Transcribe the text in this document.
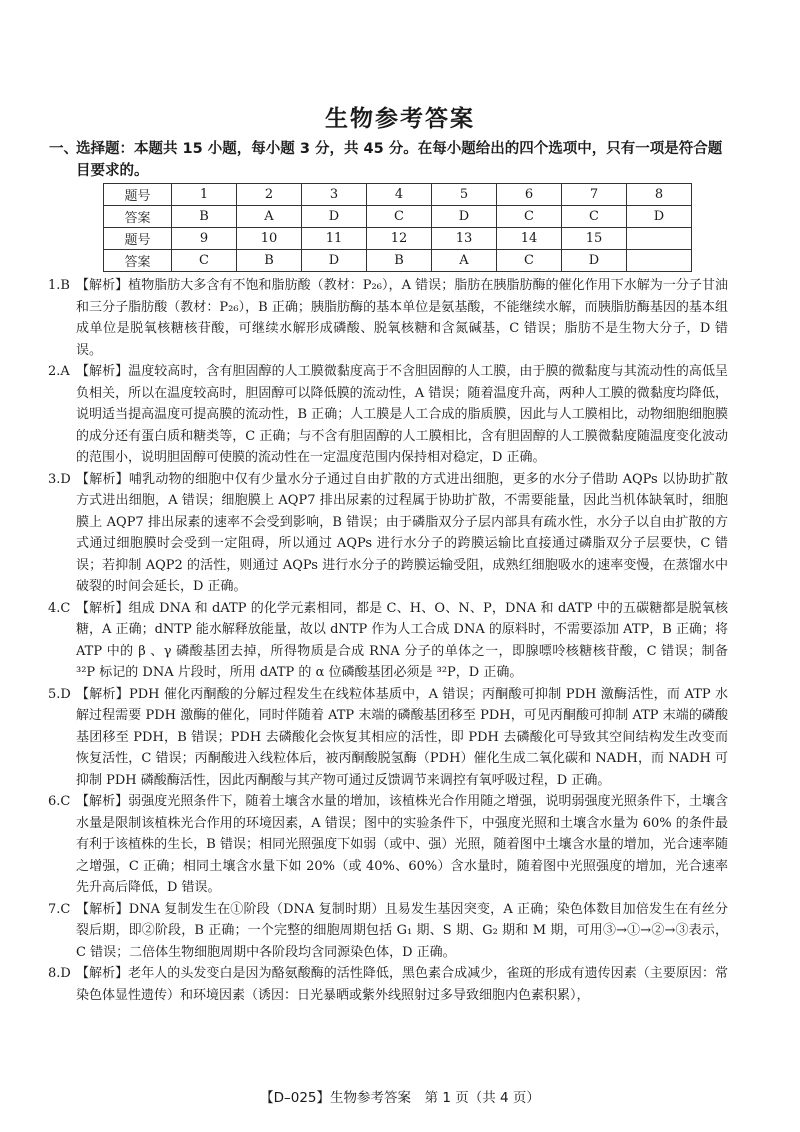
生物参考答案
一、
选择题：本题共 15 小题，每小题 3 分，共 45 分。在每小题给出的四个选项中，只有一项是符合题目要求的。
题号	1	2	3	4	5	6	7	8
答案	B	A	D	C	D	C	C	D
题号	9	10	11	12	13	14	15	
答案	C	B	D	B	A	C	D	
1.B 【解析】植物脂肪大多含有不饱和脂肪酸（教材：P₂₆），A 错误；脂肪在胰脂肪酶的催化作用下水解为一分子甘油和三分子脂肪酸（教材：P₂₆），B 正确；胰脂肪酶的基本单位是氨基酸，不能继续水解，而胰脂肪酶基因的基本组成单位是脱氧核糖核苷酸，可继续水解形成磷酸、脱氧核糖和含氮碱基，C 错误；脂肪不是生物大分子，D 错误。
2.A 【解析】温度较高时，含有胆固醇的人工膜微黏度高于不含胆固醇的人工膜，由于膜的微黏度与其流动性的高低呈负相关，所以在温度较高时，胆固醇可以降低膜的流动性，A 错误；随着温度升高，两种人工膜的微黏度均降低，说明适当提高温度可提高膜的流动性，B 正确；人工膜是人工合成的脂质膜，因此与人工膜相比，动物细胞细胞膜的成分还有蛋白质和糖类等，C 正确；与不含有胆固醇的人工膜相比，含有胆固醇的人工膜微黏度随温度变化波动的范围小，说明胆固醇可使膜的流动性在一定温度范围内保持相对稳定，D 正确。
3.D 【解析】哺乳动物的细胞中仅有少量水分子通过自由扩散的方式进出细胞，更多的水分子借助 AQPs 以协助扩散方式进出细胞，A 错误；细胞膜上 AQP7 排出尿素的过程属于协助扩散，不需要能量，因此当机体缺氧时，细胞膜上 AQP7 排出尿素的速率不会受到影响，B 错误；由于磷脂双分子层内部具有疏水性，水分子以自由扩散的方式通过细胞膜时会受到一定阻碍，所以通过 AQPs 进行水分子的跨膜运输比直接通过磷脂双分子层要快，C 错误；若抑制 AQP2 的活性，则通过 AQPs 进行水分子的跨膜运输受阻，成熟红细胞吸水的速率变慢，在蒸馏水中破裂的时间会延长，D 正确。
4.C 【解析】组成 DNA 和 dATP 的化学元素相同，都是 C、H、O、N、P，DNA 和 dATP 中的五碳糖都是脱氧核糖，A 正确；dNTP 能水解释放能量，故以 dNTP 作为人工合成 DNA 的原料时，不需要添加 ATP，B 正确；将 ATP 中的 β 、γ 磷酸基团去掉，所得物质是合成 RNA 分子的单体之一，即腺嘌呤核糖核苷酸，C 错误；制备 ³²P 标记的 DNA 片段时，所用 dATP 的 α 位磷酸基团必须是 ³²P，D 正确。
5.D 【解析】PDH 催化丙酮酸的分解过程发生在线粒体基质中，A 错误；丙酮酸可抑制 PDH 激酶活性，而 ATP 水解过程需要 PDH 激酶的催化，同时伴随着 ATP 末端的磷酸基团移至 PDH，可见丙酮酸可抑制 ATP 末端的磷酸基团移至 PDH，B 错误；PDH 去磷酸化会恢复其相应的活性，即 PDH 去磷酸化可导致其空间结构发生改变而恢复活性，C 错误；丙酮酸进入线粒体后，被丙酮酸脱氢酶（PDH）催化生成二氧化碳和 NADH，而 NADH 可抑制 PDH 磷酸酶活性，因此丙酮酸与其产物可通过反馈调节来调控有氧呼吸过程，D 正确。
6.C 【解析】弱强度光照条件下，随着土壤含水量的增加，该植株光合作用随之增强，说明弱强度光照条件下，土壤含水量是限制该植株光合作用的环境因素，A 错误；图中的实验条件下，中强度光照和土壤含水量为 60% 的条件最有利于该植株的生长，B 错误；相同光照强度下如弱（或中、强）光照，随着图中土壤含水量的增加，光合速率随之增强，C 正确；相同土壤含水量下如 20%（或 40%、60%）含水量时，随着图中光照强度的增加，光合速率先升高后降低，D 错误。
7.C 【解析】DNA 复制发生在①阶段（DNA 复制时期）且易发生基因突变，A 正确；染色体数目加倍发生在有丝分裂后期，即②阶段，B 正确；一个完整的细胞周期包括 G₁ 期、S 期、G₂ 期和 M 期，可用③→①→②→③表示，C 错误；二倍体生物细胞周期中各阶段均含同源染色体，D 正确。
8.D 【解析】老年人的头发变白是因为酪氨酸酶的活性降低，黑色素合成减少，雀斑的形成有遗传因素（主要原因：常染色体显性遗传）和环境因素（诱因：日光暴晒或紫外线照射过多导致细胞内色素积累），
【D–025】生物参考答案　第 1 页（共 4 页）
